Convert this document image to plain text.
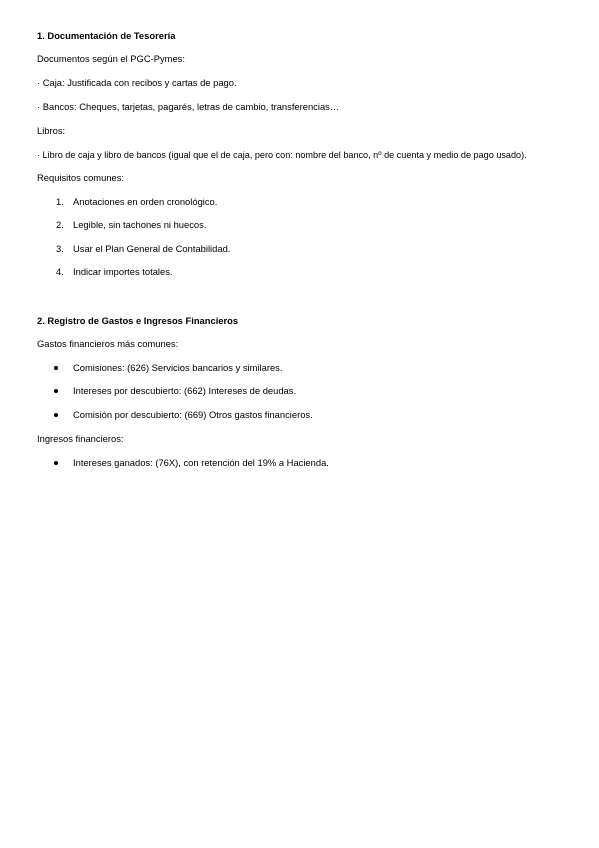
1. Documentación de Tesorería
Documentos según el PGC-Pymes:
· Caja: Justificada con recibos y cartas de pago.
· Bancos: Cheques, tarjetas, pagarés, letras de cambio, transferencias…
Libros:
· Libro de caja y libro de bancos (igual que el de caja, pero con: nombre del banco, nº de cuenta y medio de pago usado).
Requisitos comunes:
1. Anotaciones en orden cronológico.
2. Legible, sin tachones ni huecos.
3. Usar el Plan General de Contabilidad.
4. Indicar importes totales.
2. Registro de Gastos e Ingresos Financieros
Gastos financieros más comunes:
Comisiones: (626) Servicios bancarios y similares.
Intereses por descubierto: (662) Intereses de deudas.
Comisión por descubierto: (669) Otros gastos financieros.
Ingresos financieros:
Intereses ganados: (76X), con retención del 19% a Hacienda.
